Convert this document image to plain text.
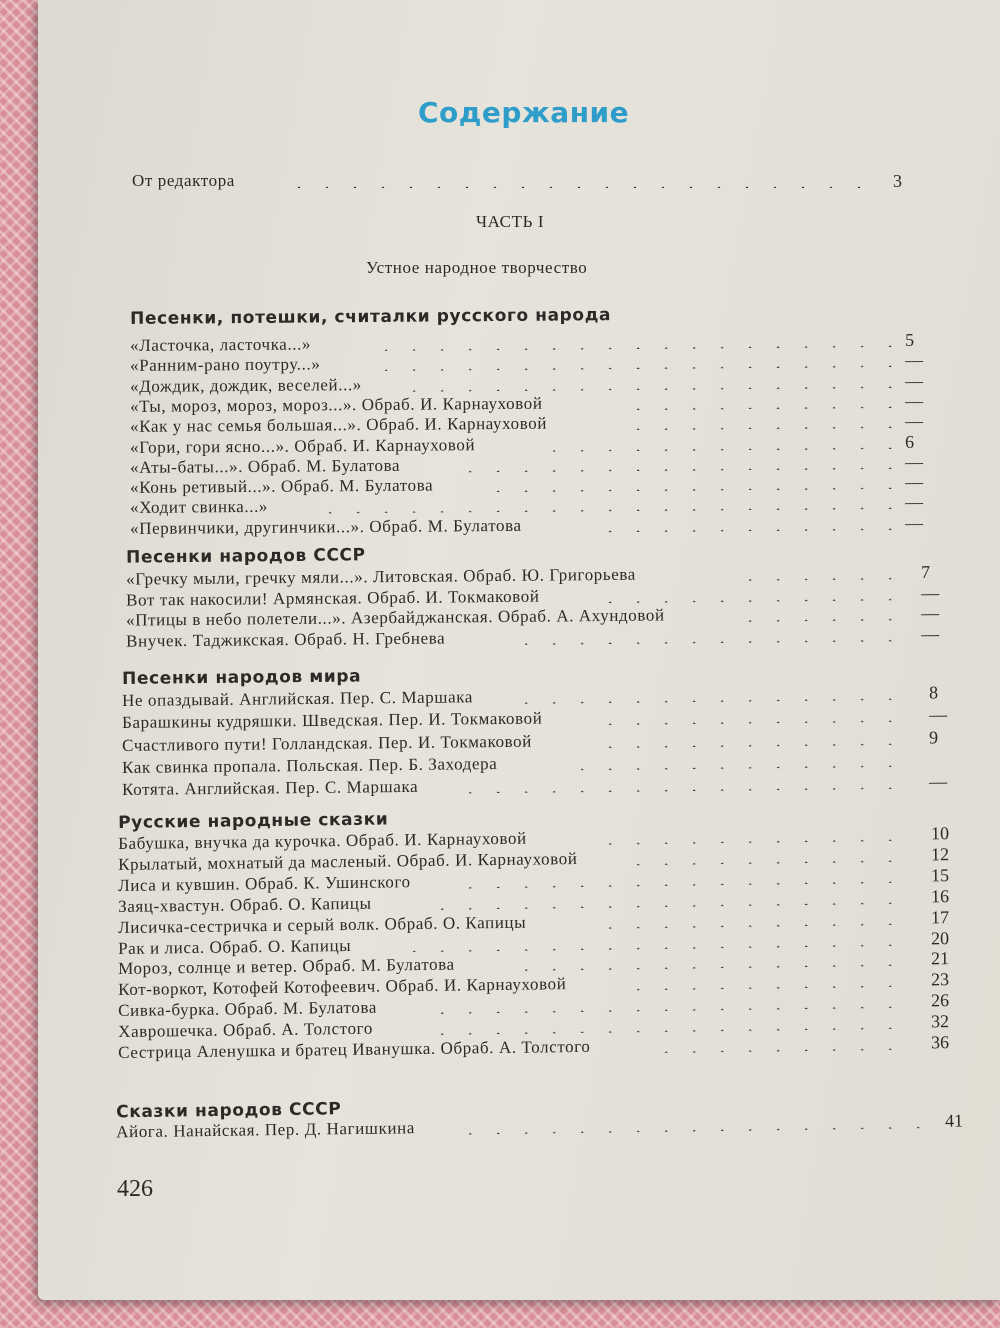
Содержание
От редактора	3
ЧАСТЬ I
Устное народное творчество
Песенки, потешки, считалки русского народа
«Ласточка, ласточка...»	5
«Ранним-рано поутру...»	—
«Дождик, дождик, веселей...»	—
«Ты, мороз, мороз, мороз...». Обраб. И. Карнауховой	—
«Как у нас семья большая...». Обраб. И. Карнауховой	—
«Гори, гори ясно...». Обраб. И. Карнауховой	6
«Аты-баты...». Обраб. М. Булатова	—
«Конь ретивый...». Обраб. М. Булатова	—
«Ходит свинка...»	—
«Первинчики, другинчики...». Обраб. М. Булатова	—
Песенки народов СССР
«Гречку мыли, гречку мяли...». Литовская. Обраб. Ю. Григорьева	7
Вот так накосили! Армянская. Обраб. И. Токмаковой	—
«Птицы в небо полетели...». Азербайджанская. Обраб. А. Ахундовой	—
Внучек. Таджикская. Обраб. Н. Гребнева	—
Песенки народов мира
Не опаздывай. Английская. Пер. С. Маршака	8
Барашкины кудряшки. Шведская. Пер. И. Токмаковой	—
Счастливого пути! Голландская. Пер. И. Токмаковой	9
Как свинка пропала. Польская. Пер. Б. Заходера
Котята. Английская. Пер. С. Маршака	—
Русские народные сказки
Бабушка, внучка да курочка. Обраб. И. Карнауховой	10
Крылатый, мохнатый да масленый. Обраб. И. Карнауховой	12
Лиса и кувшин. Обраб. К. Ушинского	15
Заяц-хвастун. Обраб. О. Капицы	16
Лисичка-сестричка и серый волк. Обраб. О. Капицы	17
Рак и лиса. Обраб. О. Капицы	20
Мороз, солнце и ветер. Обраб. М. Булатова	21
Кот-воркот, Котофей Котофеевич. Обраб. И. Карнауховой	23
Сивка-бурка. Обраб. М. Булатова	26
Хаврошечка. Обраб. А. Толстого	32
Сестрица Аленушка и братец Иванушка. Обраб. А. Толстого	36
Сказки народов СССР
Айога. Нанайская. Пер. Д. Нагишкина	41
426
